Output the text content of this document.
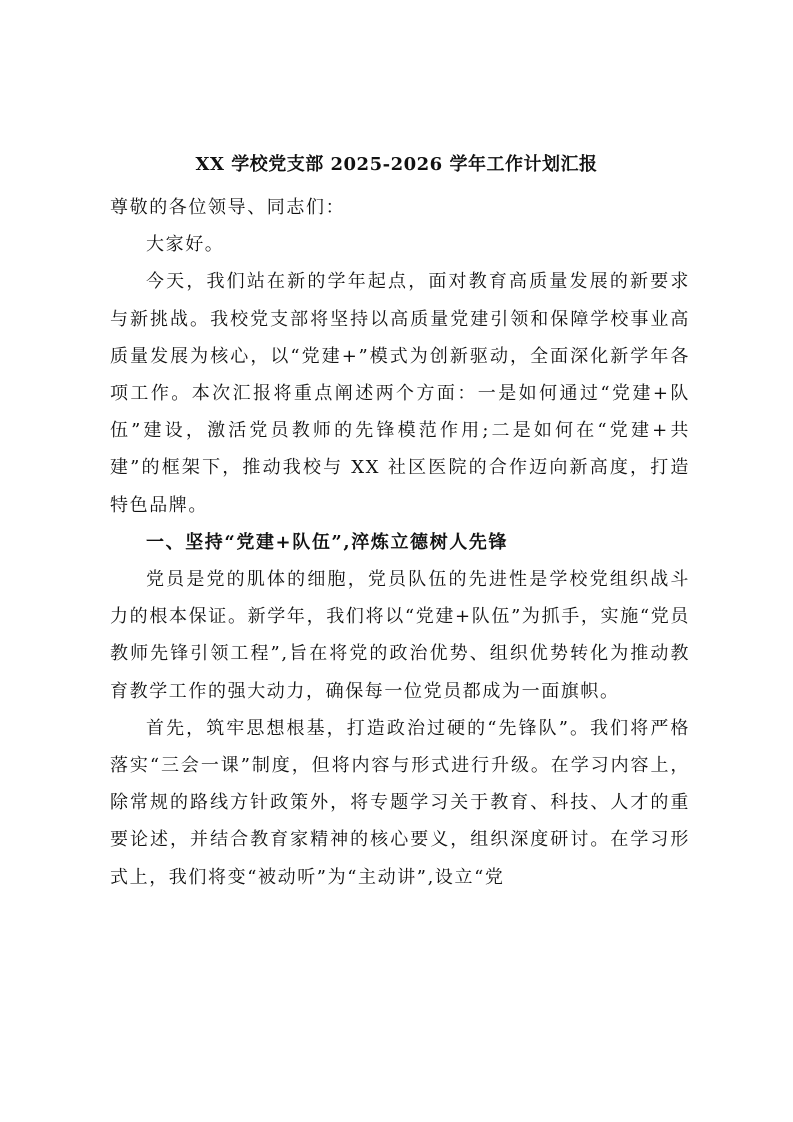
XX 学校党支部 2025-2026 学年工作计划汇报

尊敬的各位领导、同志们：

大家好。

今天，我们站在新的学年起点，面对教育高质量发展的新要求与新挑战。我校党支部将坚持以高质量党建引领和保障学校事业高质量发展为核心，以“党建+”模式为创新驱动，全面深化新学年各项工作。本次汇报将重点阐述两个方面：一是如何通过“党建+队伍”建设，激活党员教师的先锋模范作用;二是如何在“党建+共建”的框架下，推动我校与 XX 社区医院的合作迈向新高度，打造特色品牌。

一、坚持“党建+队伍”,淬炼立德树人先锋

党员是党的肌体的细胞，党员队伍的先进性是学校党组织战斗力的根本保证。新学年，我们将以“党建+队伍”为抓手，实施“党员教师先锋引领工程”,旨在将党的政治优势、组织优势转化为推动教育教学工作的强大动力，确保每一位党员都成为一面旗帜。

首先，筑牢思想根基，打造政治过硬的“先锋队”。我们将严格落实“三会一课”制度，但将内容与形式进行升级。在学习内容上，除常规的路线方针政策外，将专题学习关于教育、科技、人才的重要论述，并结合教育家精神的核心要义，组织深度研讨。在学习形式上，我们将变“被动听”为“主动讲”,设立“党
